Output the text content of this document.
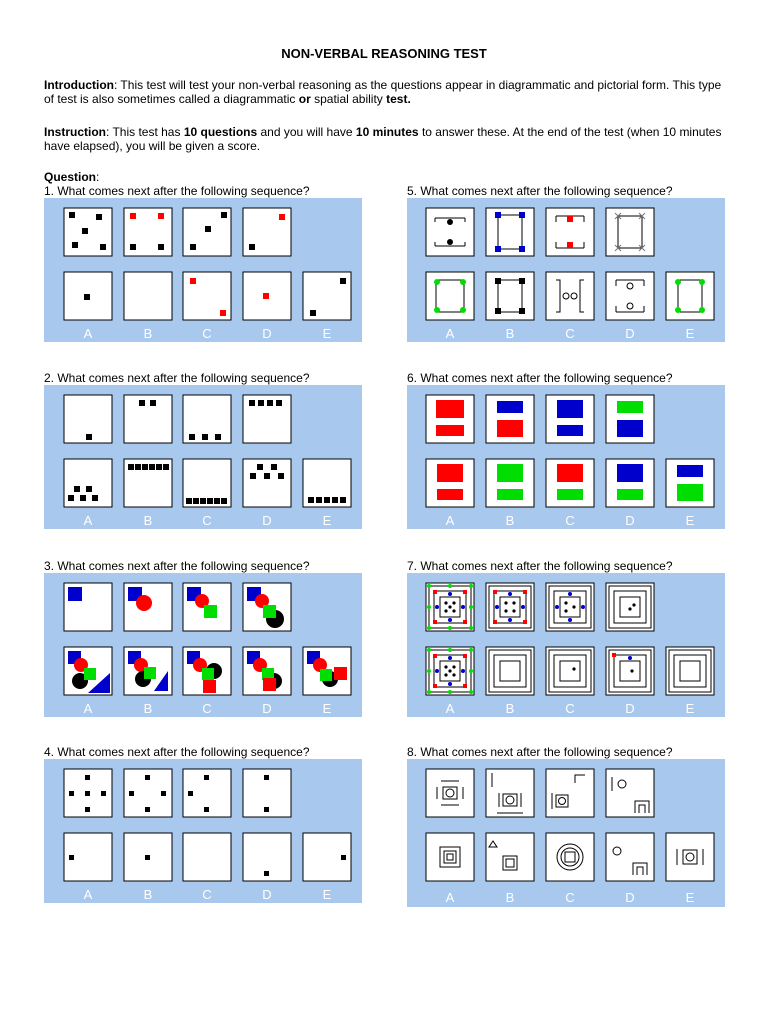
NON-VERBAL REASONING TEST
Introduction: This test will test your non-verbal reasoning as the questions appear in diagrammatic and pictorial form. This type of test is also sometimes called a diagrammatic or spatial ability test.
Instruction: This test has 10 questions and you will have 10 minutes to answer these. At the end of the test (when 10 minutes have elapsed), you will be given a score.
Question:
1. What comes next after the following sequence?	5. What comes next after the following sequence?
2. What comes next after the following sequence?	6. What comes next after the following sequence?
3. What comes next after the following sequence?	7. What comes next after the following sequence?
4. What comes next after the following sequence?	8. What comes next after the following sequence?
A	B	C	D	E	A	B	C	D	E
A	B	C	D	E	A	B	C	D	E
A	B	C	D	E	A	B	C	D	E
A	B	C	D	E	A	B	C	D	E
